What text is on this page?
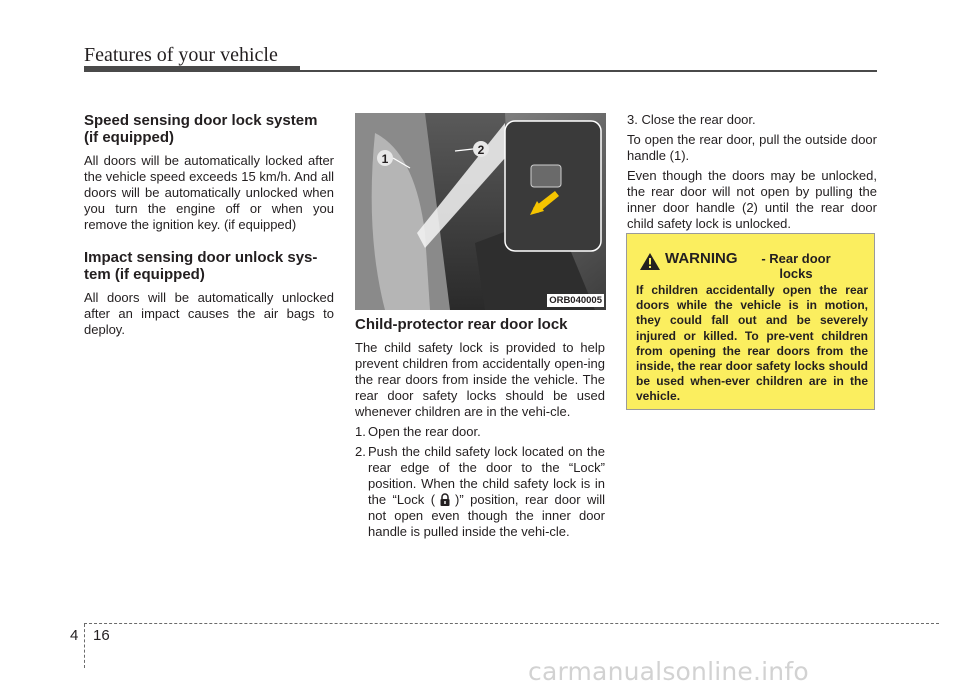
Features of your vehicle
Speed sensing door lock system (if equipped)

All doors will be automatically locked after the vehicle speed exceeds 15 km/h. And all doors will be automatically unlocked when you turn the engine off or when you remove the ignition key. (if equipped)

Impact sensing door unlock sys-tem (if equipped)

All doors will be automatically unlocked after an impact causes the air bags to deploy.

1
2
ORB040005
Child-protector rear door lock

The child safety lock is provided to help prevent children from accidentally open-ing the rear doors from inside the vehicle. The rear door safety locks should be used whenever children are in the vehi-cle.

1. Open the rear door.
2. Push the child safety lock located on the rear edge of the door to the “Lock” position. When the child safety lock is in the “Lock ( )” position, rear door will not open even though the inner door handle is pulled inside the vehi-cle.

3. Close the rear door.

To open the rear door, pull the outside door handle (1).

Even though the doors may be unlocked, the rear door will not open by pulling the inner door handle (2) until the rear door child safety lock is unlocked.

WARNING	- Rear door locks

If children accidentally open the rear doors while the vehicle is in motion, they could fall out and be severely injured or killed. To pre-vent children from opening the rear doors from the inside, the rear door safety locks should be used when-ever children are in the vehicle.

4 16
carmanualsonline.info
